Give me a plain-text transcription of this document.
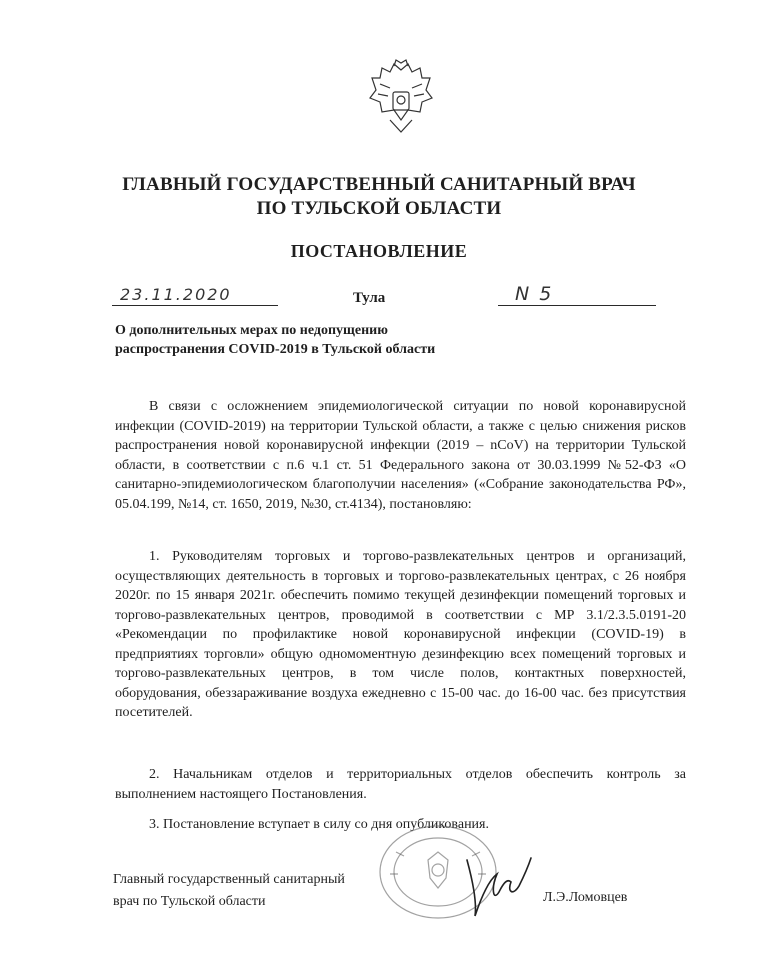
ГЛАВНЫЙ ГОСУДАРСТВЕННЫЙ САНИТАРНЫЙ ВРАЧ
ПО ТУЛЬСКОЙ ОБЛАСТИ
ПОСТАНОВЛЕНИЕ
23.11.2020	Тула	N 5
О дополнительных мерах по недопущению распространения COVID-2019 в Тульской области
В связи с осложнением эпидемиологической ситуации по новой коронавирусной инфекции (COVID-2019) на территории Тульской области, а также с целью снижения рисков распространения новой коронавирусной инфекции (2019 – nCoV) на территории Тульской области, в соответствии с п.6 ч.1 ст. 51 Федерального закона от 30.03.1999 №52-ФЗ «О санитарно-эпидемиологическом благополучии населения» («Собрание законодательства РФ», 05.04.199, №14, ст. 1650, 2019, №30, ст.4134), постановляю:
1. Руководителям торговых и торгово-развлекательных центров и организаций, осуществляющих деятельность в торговых и торгово-развлекательных центрах, с 26 ноября 2020г. по 15 января 2021г. обеспечить помимо текущей дезинфекции помещений торговых и торгово-развлекательных центров, проводимой в соответствии с МР 3.1/2.3.5.0191-20 «Рекомендации по профилактике новой коронавирусной инфекции (COVID-19) в предприятиях торговли» общую одномоментную дезинфекцию всех помещений торговых и торгово-развлекательных центров, в том числе полов, контактных поверхностей, оборудования, обеззараживание воздуха ежедневно с 15-00 час. до 16-00 час. без присутствия посетителей.
2. Начальникам отделов и территориальных отделов обеспечить контроль за выполнением настоящего Постановления.
3. Постановление вступает в силу со дня опубликования.
Главный государственный санитарный
врач по Тульской области	Л.Э.Ломовцев
